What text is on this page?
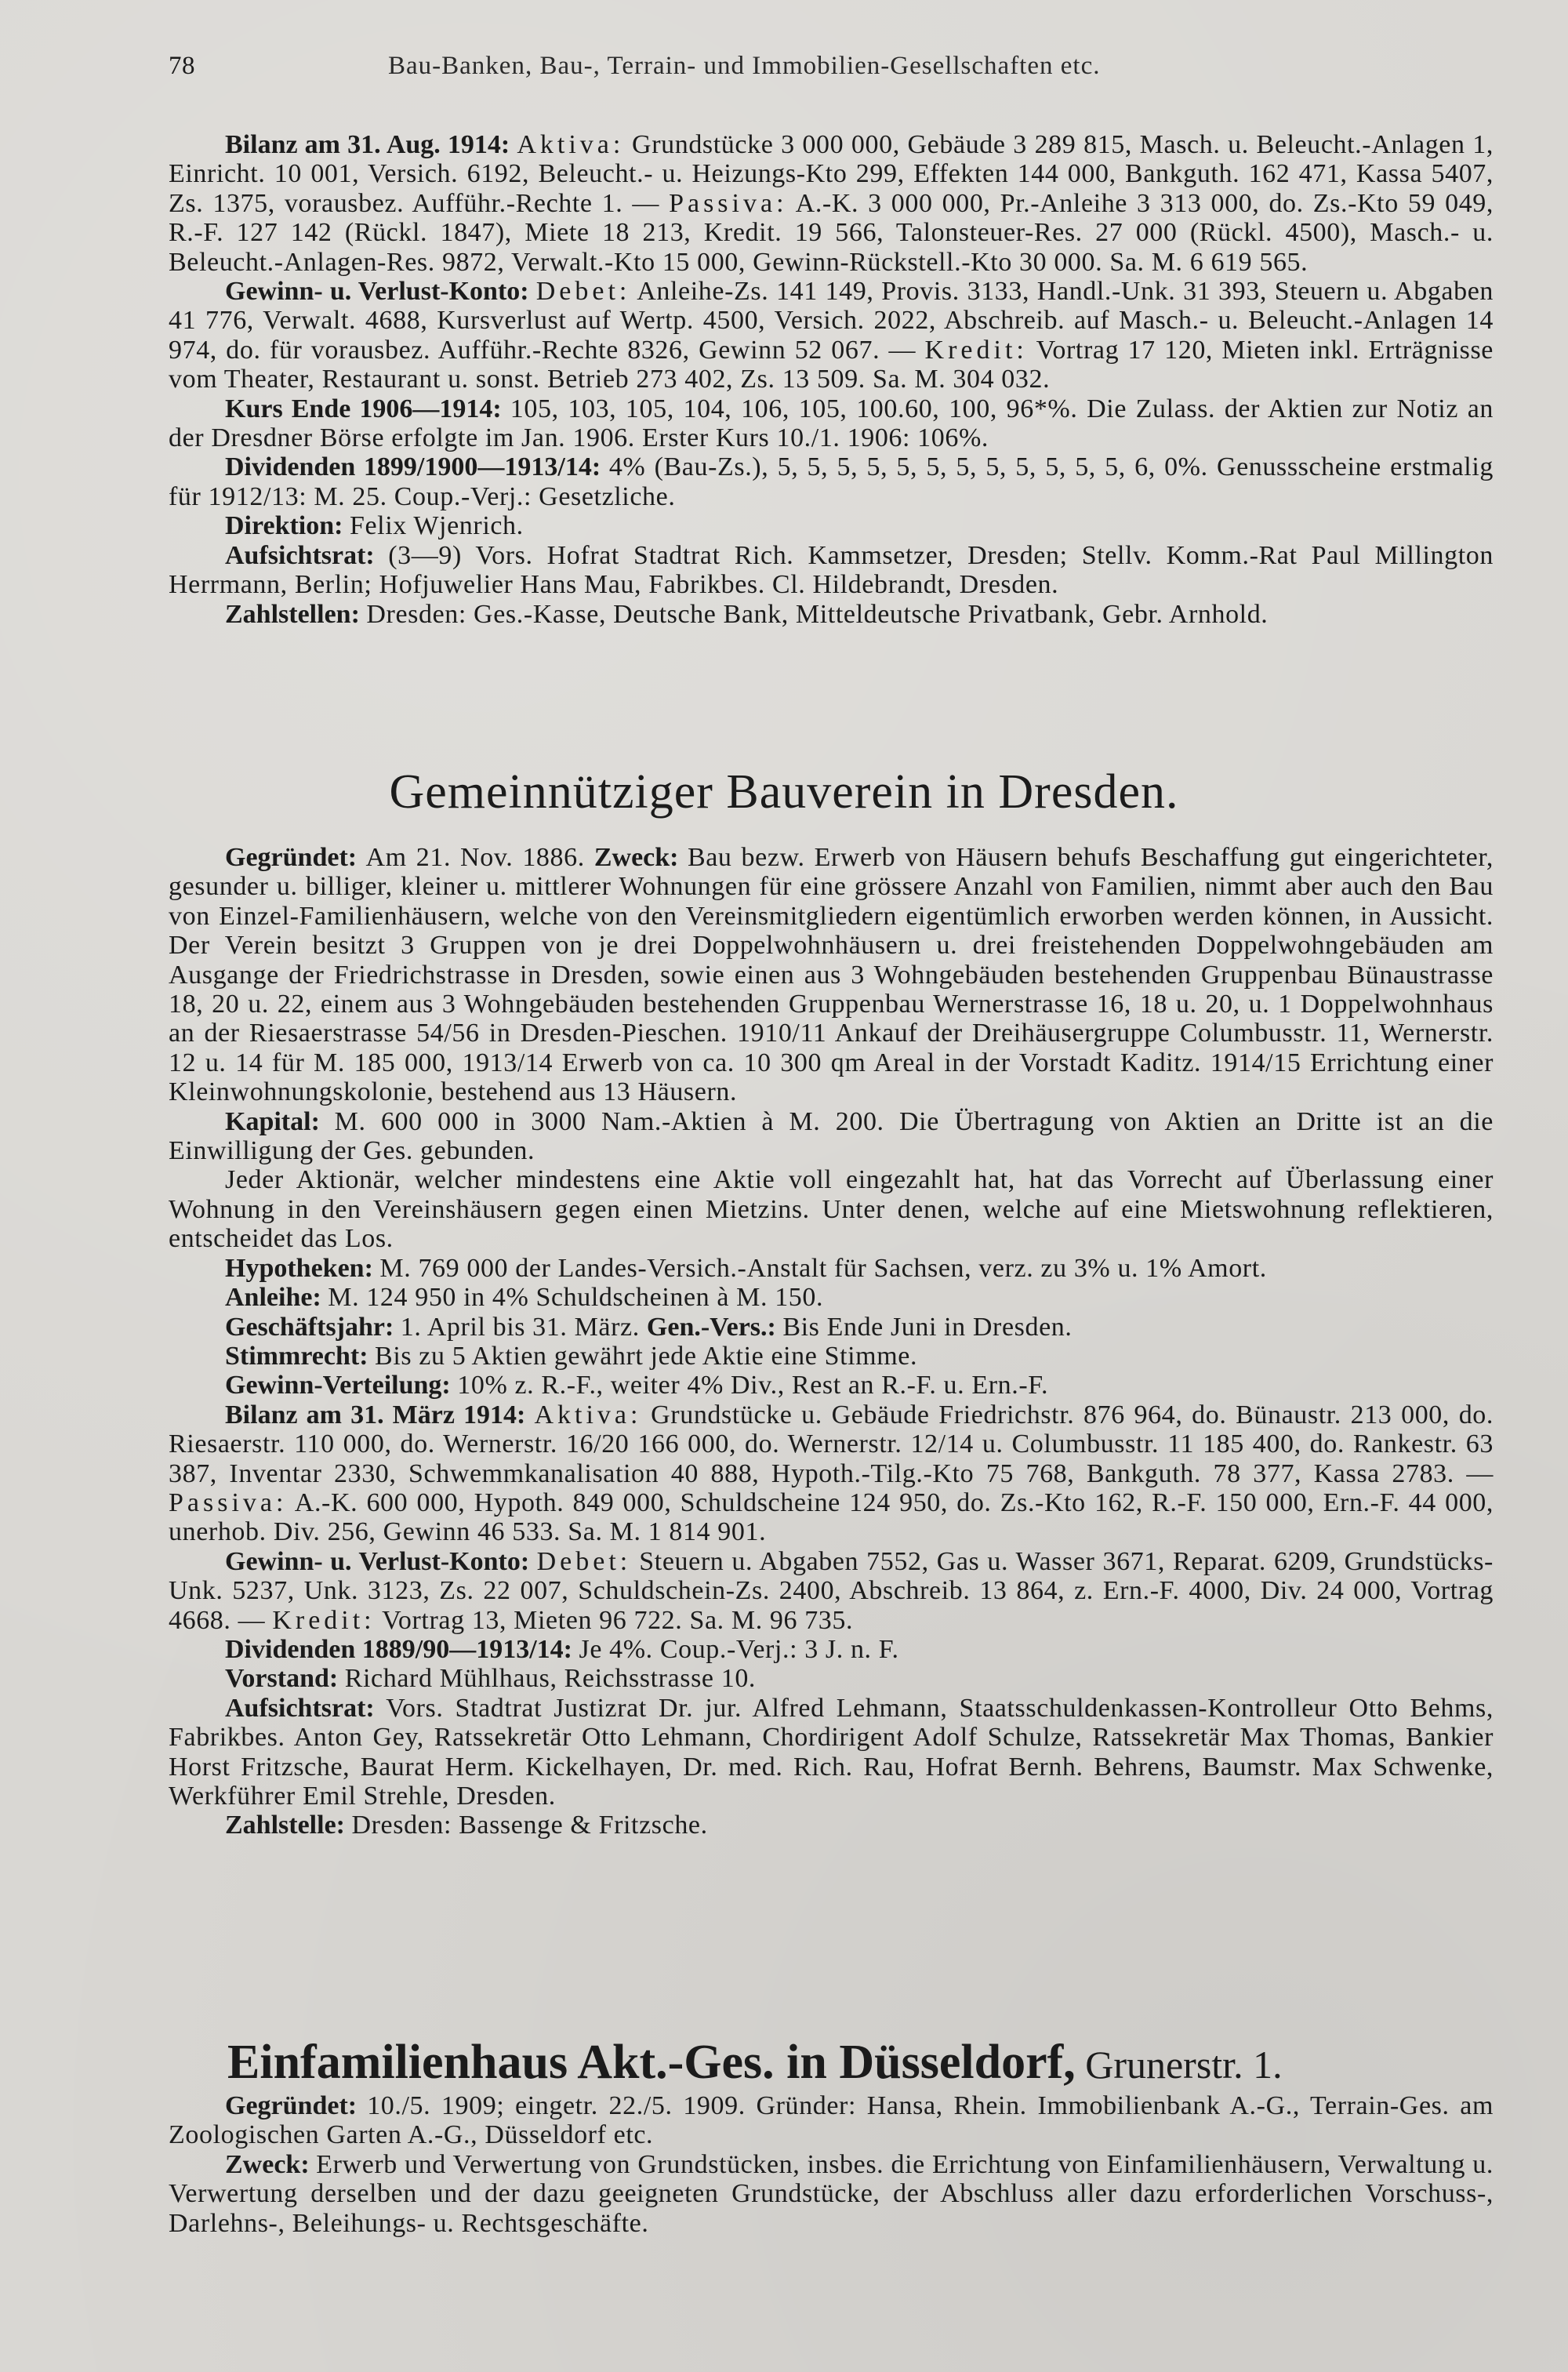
78	Bau-Banken, Bau-, Terrain- und Immobilien-Gesellschaften etc.

Bilanz am 31. Aug. 1914: Aktiva: Grundstücke 3 000 000, Gebäude 3 289 815, Masch. u. Beleucht.-Anlagen 1, Einricht. 10 001, Versich. 6192, Beleucht.- u. Heizungs-Kto 299, Effekten 144 000, Bankguth. 162 471, Kassa 5407, Zs. 1375, vorausbez. Aufführ.-Rechte 1. — Passiva: A.-K. 3 000 000, Pr.-Anleihe 3 313 000, do. Zs.-Kto 59 049, R.-F. 127 142 (Rückl. 1847), Miete 18 213, Kredit. 19 566, Talonsteuer-Res. 27 000 (Rückl. 4500), Masch.- u. Beleucht.-Anlagen-Res. 9872, Verwalt.-Kto 15 000, Gewinn-Rückstell.-Kto 30 000. Sa. M. 6 619 565.

Gewinn- u. Verlust-Konto: Debet: Anleihe-Zs. 141 149, Provis. 3133, Handl.-Unk. 31 393, Steuern u. Abgaben 41 776, Verwalt. 4688, Kursverlust auf Wertp. 4500, Versich. 2022, Abschreib. auf Masch.- u. Beleucht.-Anlagen 14 974, do. für vorausbez. Aufführ.-Rechte 8326, Gewinn 52 067. — Kredit: Vortrag 17 120, Mieten inkl. Erträgnisse vom Theater, Restaurant u. sonst. Betrieb 273 402, Zs. 13 509. Sa. M. 304 032.

Kurs Ende 1906—1914: 105, 103, 105, 104, 106, 105, 100.60, 100, 96*%. Die Zulass. der Aktien zur Notiz an der Dresdner Börse erfolgte im Jan. 1906. Erster Kurs 10./1. 1906: 106%.

Dividenden 1899/1900—1913/14: 4% (Bau-Zs.), 5, 5, 5, 5, 5, 5, 5, 5, 5, 5, 5, 5, 6, 0%. Genussscheine erstmalig für 1912/13: M. 25. Coup.-Verj.: Gesetzliche.

Direktion: Felix Wjenrich.

Aufsichtsrat: (3—9) Vors. Hofrat Stadtrat Rich. Kammsetzer, Dresden; Stellv. Komm.-Rat Paul Millington Herrmann, Berlin; Hofjuwelier Hans Mau, Fabrikbes. Cl. Hildebrandt, Dresden.

Zahlstellen: Dresden: Ges.-Kasse, Deutsche Bank, Mitteldeutsche Privatbank, Gebr. Arnhold.

Gemeinnütziger Bauverein in Dresden.

Gegründet: Am 21. Nov. 1886. Zweck: Bau bezw. Erwerb von Häusern behufs Beschaffung gut eingerichteter, gesunder u. billiger, kleiner u. mittlerer Wohnungen für eine grössere Anzahl von Familien, nimmt aber auch den Bau von Einzel-Familienhäusern, welche von den Vereinsmitgliedern eigentümlich erworben werden können, in Aussicht. Der Verein besitzt 3 Gruppen von je drei Doppelwohnhäusern u. drei freistehenden Doppelwohngebäuden am Ausgange der Friedrichstrasse in Dresden, sowie einen aus 3 Wohngebäuden bestehenden Gruppenbau Bünaustrasse 18, 20 u. 22, einem aus 3 Wohngebäuden bestehenden Gruppenbau Wernerstrasse 16, 18 u. 20, u. 1 Doppelwohnhaus an der Riesaerstrasse 54/56 in Dresden-Pieschen. 1910/11 Ankauf der Dreihäusergruppe Columbusstr. 11, Wernerstr. 12 u. 14 für M. 185 000, 1913/14 Erwerb von ca. 10 300 qm Areal in der Vorstadt Kaditz. 1914/15 Errichtung einer Kleinwohnungskolonie, bestehend aus 13 Häusern.

Kapital: M. 600 000 in 3000 Nam.-Aktien à M. 200. Die Übertragung von Aktien an Dritte ist an die Einwilligung der Ges. gebunden.

Jeder Aktionär, welcher mindestens eine Aktie voll eingezahlt hat, hat das Vorrecht auf Überlassung einer Wohnung in den Vereinshäusern gegen einen Mietzins. Unter denen, welche auf eine Mietswohnung reflektieren, entscheidet das Los.

Hypotheken: M. 769 000 der Landes-Versich.-Anstalt für Sachsen, verz. zu 3% u. 1% Amort.

Anleihe: M. 124 950 in 4% Schuldscheinen à M. 150.

Geschäftsjahr: 1. April bis 31. März. Gen.-Vers.: Bis Ende Juni in Dresden.

Stimmrecht: Bis zu 5 Aktien gewährt jede Aktie eine Stimme.

Gewinn-Verteilung: 10% z. R.-F., weiter 4% Div., Rest an R.-F. u. Ern.-F.

Bilanz am 31. März 1914: Aktiva: Grundstücke u. Gebäude Friedrichstr. 876 964, do. Bünaustr. 213 000, do. Riesaerstr. 110 000, do. Wernerstr. 16/20 166 000, do. Wernerstr. 12/14 u. Columbusstr. 11 185 400, do. Rankestr. 63 387, Inventar 2330, Schwemmkanalisation 40 888, Hypoth.-Tilg.-Kto 75 768, Bankguth. 78 377, Kassa 2783. — Passiva: A.-K. 600 000, Hypoth. 849 000, Schuldscheine 124 950, do. Zs.-Kto 162, R.-F. 150 000, Ern.-F. 44 000, unerhob. Div. 256, Gewinn 46 533. Sa. M. 1 814 901.

Gewinn- u. Verlust-Konto: Debet: Steuern u. Abgaben 7552, Gas u. Wasser 3671, Reparat. 6209, Grundstücks-Unk. 5237, Unk. 3123, Zs. 22 007, Schuldschein-Zs. 2400, Abschreib. 13 864, z. Ern.-F. 4000, Div. 24 000, Vortrag 4668. — Kredit: Vortrag 13, Mieten 96 722. Sa. M. 96 735.

Dividenden 1889/90—1913/14: Je 4%. Coup.-Verj.: 3 J. n. F.

Vorstand: Richard Mühlhaus, Reichsstrasse 10.

Aufsichtsrat: Vors. Stadtrat Justizrat Dr. jur. Alfred Lehmann, Staatsschuldenkassen-Kontrolleur Otto Behms, Fabrikbes. Anton Gey, Ratssekretär Otto Lehmann, Chordirigent Adolf Schulze, Ratssekretär Max Thomas, Bankier Horst Fritzsche, Baurat Herm. Kickelhayen, Dr. med. Rich. Rau, Hofrat Bernh. Behrens, Baumstr. Max Schwenke, Werkführer Emil Strehle, Dresden.

Zahlstelle: Dresden: Bassenge & Fritzsche.

Einfamilienhaus Akt.-Ges. in Düsseldorf, Grunerstr. 1.

Gegründet: 10./5. 1909; eingetr. 22./5. 1909. Gründer: Hansa, Rhein. Immobilienbank A.-G., Terrain-Ges. am Zoologischen Garten A.-G., Düsseldorf etc.

Zweck: Erwerb und Verwertung von Grundstücken, insbes. die Errichtung von Einfamilienhäusern, Verwaltung u. Verwertung derselben und der dazu geeigneten Grundstücke, der Abschluss aller dazu erforderlichen Vorschuss-, Darlehns-, Beleihungs- u. Rechtsgeschäfte.
